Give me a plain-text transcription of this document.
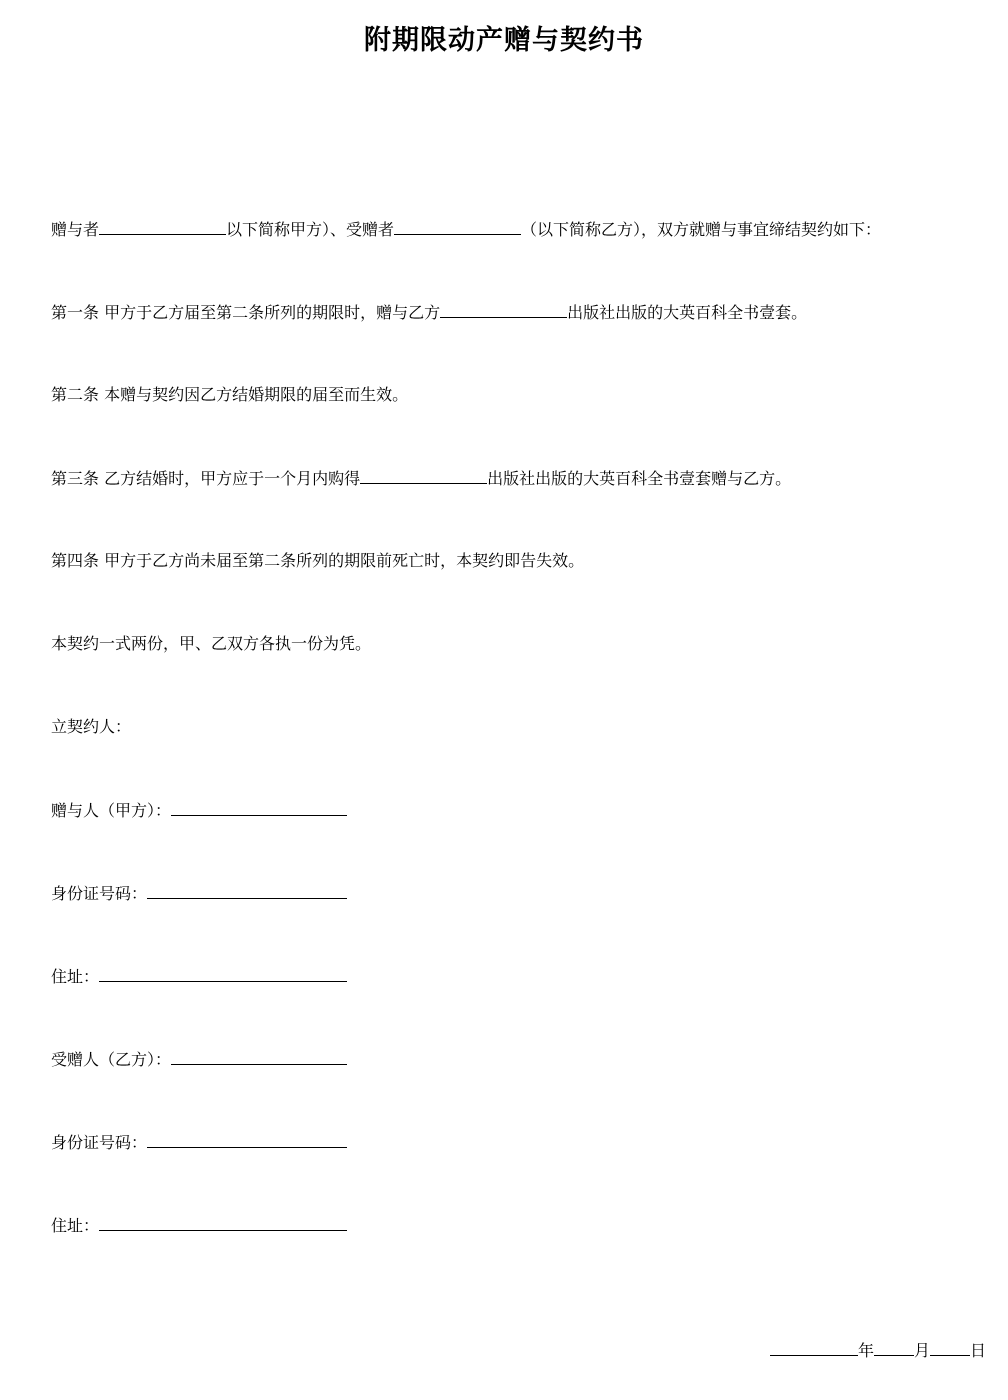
附期限动产赠与契约书
赠与者	以下简称甲方）、受赠者	（以下简称乙方），双方就赠与事宜缔结契约如下：
第一条 甲方于乙方届至第二条所列的期限时，赠与乙方	出版社出版的大英百科全书壹套。
第二条 本赠与契约因乙方结婚期限的届至而生效。
第三条 乙方结婚时，甲方应于一个月内购得	出版社出版的大英百科全书壹套赠与乙方。
第四条 甲方于乙方尚未届至第二条所列的期限前死亡时，本契约即告失效。
本契约一式两份，甲、乙双方各执一份为凭。
立契约人：
赠与人（甲方）：
身份证号码：
住址：
受赠人（乙方）：
身份证号码：
住址：
年	月	日
